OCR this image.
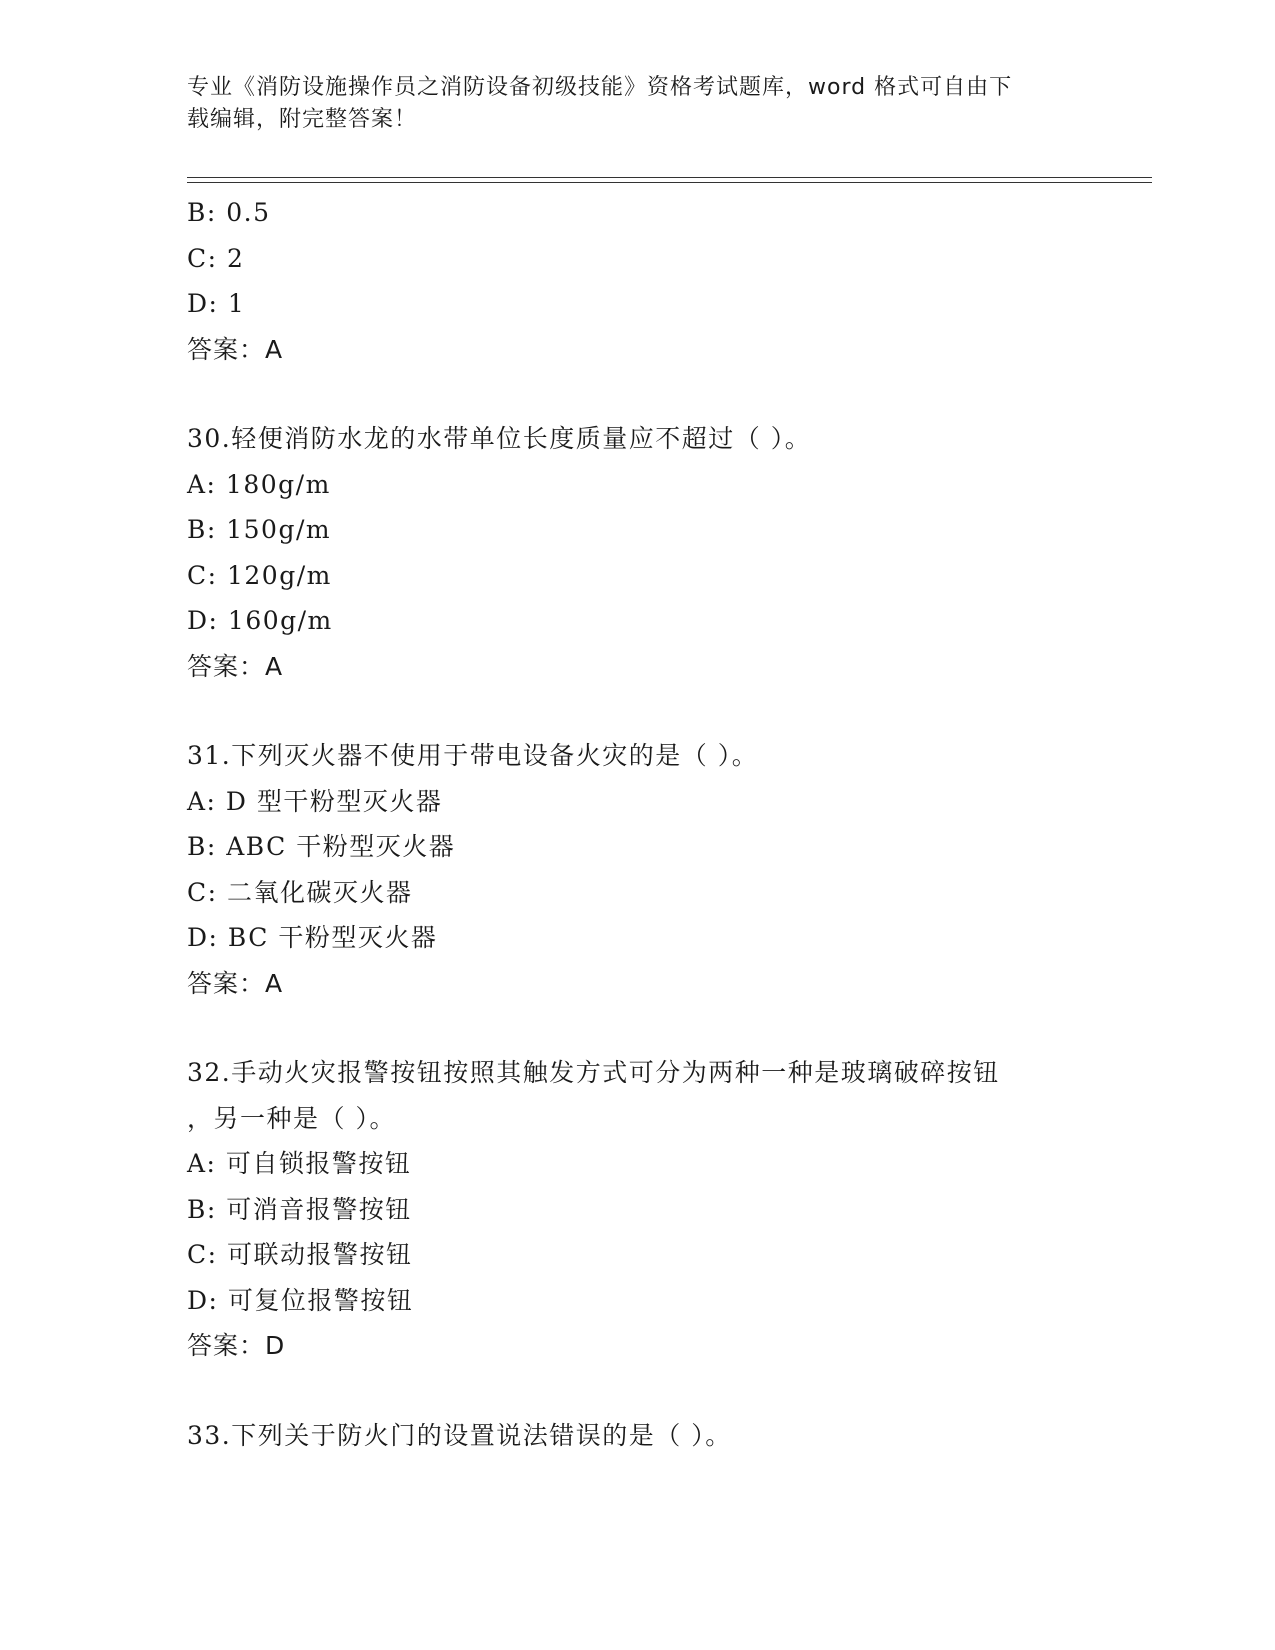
专业《消防设施操作员之消防设备初级技能》资格考试题库，word 格式可自由下
载编辑，附完整答案！
B: 0.5
C: 2
D: 1
答案：A
30.轻便消防水龙的水带单位长度质量应不超过（ ）。
A: 180g/m
B: 150g/m
C: 120g/m
D: 160g/m
答案：A
31.下列灭火器不使用于带电设备火灾的是（ ）。
A: D 型干粉型灭火器
B: ABC 干粉型灭火器
C: 二氧化碳灭火器
D: BC 干粉型灭火器
答案：A
32.手动火灾报警按钮按照其触发方式可分为两种一种是玻璃破碎按钮
，另一种是（ ）。
A: 可自锁报警按钮
B: 可消音报警按钮
C: 可联动报警按钮
D: 可复位报警按钮
答案：D
33.下列关于防火门的设置说法错误的是（ ）。
